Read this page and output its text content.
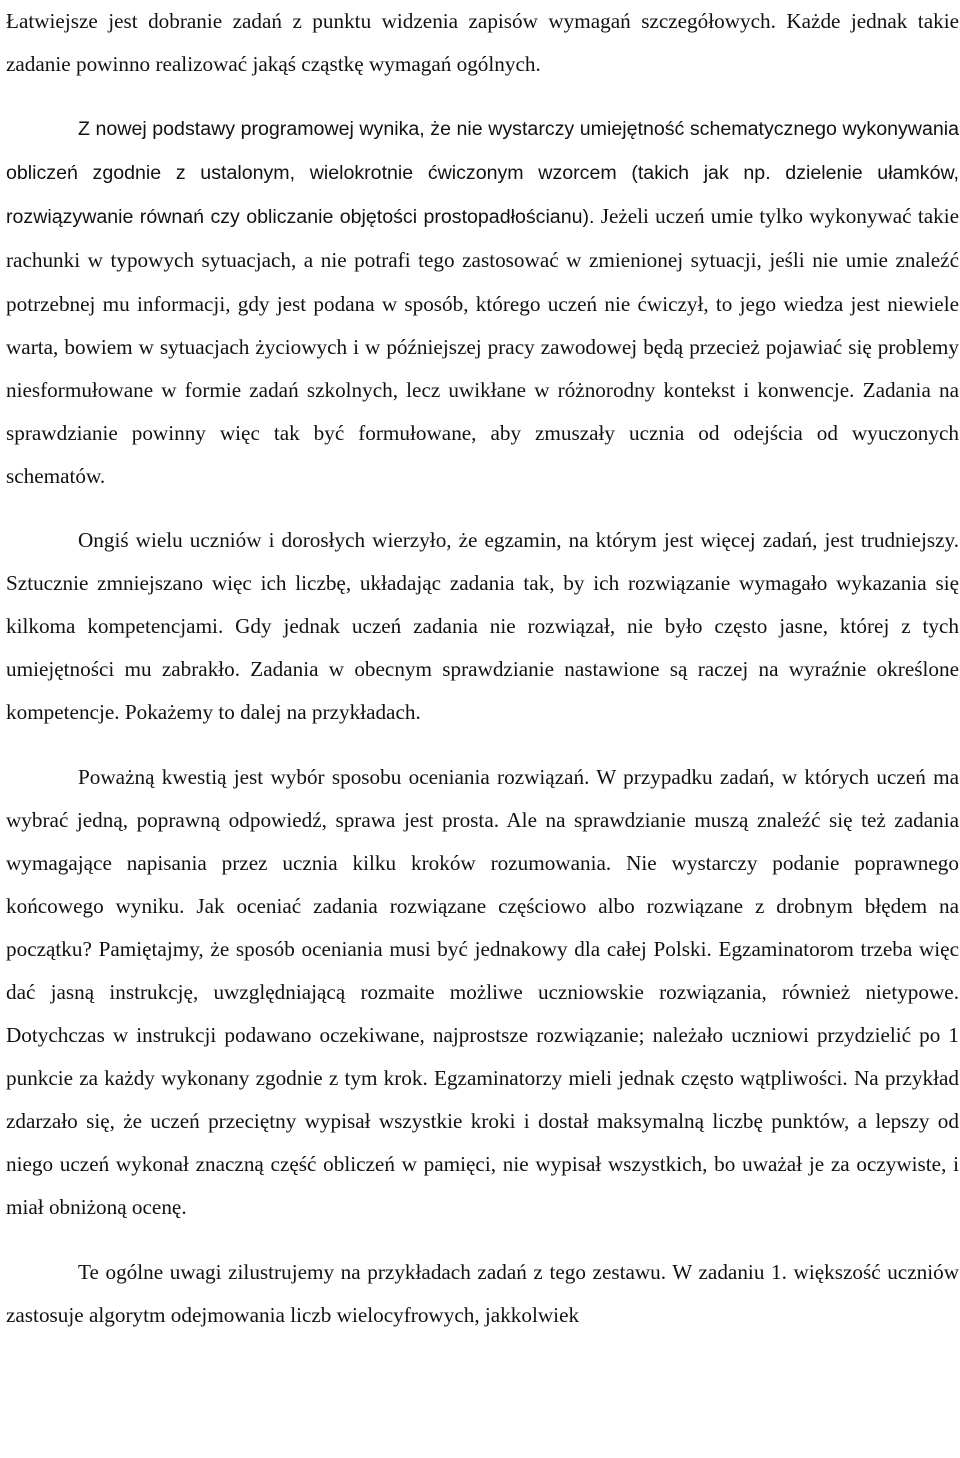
Łatwiejsze jest dobranie zadań z punktu widzenia zapisów wymagań szczegółowych. Każde jednak takie zadanie powinno realizować jakąś cząstkę wymagań ogólnych.

Z nowej podstawy programowej wynika, że nie wystarczy umiejętność schematycznego wykonywania obliczeń zgodnie z ustalonym, wielokrotnie ćwiczonym wzorcem (takich jak np. dzielenie ułamków, rozwiązywanie równań czy obliczanie objętości prostopadłościanu). Jeżeli uczeń umie tylko wykonywać takie rachunki w typowych sytuacjach, a nie potrafi tego zastosować w zmienionej sytuacji, jeśli nie umie znaleźć potrzebnej mu informacji, gdy jest podana w sposób, którego uczeń nie ćwiczył, to jego wiedza jest niewiele warta, bowiem w sytuacjach życiowych i w późniejszej pracy zawodowej będą przecież pojawiać się problemy niesformułowane w formie zadań szkolnych, lecz uwikłane w różnorodny kontekst i konwencje. Zadania na sprawdzianie powinny więc tak być formułowane, aby zmuszały ucznia od odejścia od wyuczonych schematów.

Ongiś wielu uczniów i dorosłych wierzyło, że egzamin, na którym jest więcej zadań, jest trudniejszy. Sztucznie zmniejszano więc ich liczbę, układając zadania tak, by ich rozwiązanie wymagało wykazania się kilkoma kompetencjami. Gdy jednak uczeń zadania nie rozwiązał, nie było często jasne, której z tych umiejętności mu zabrakło. Zadania w obecnym sprawdzianie nastawione są raczej na wyraźnie określone kompetencje. Pokażemy to dalej na przykładach.

Poważną kwestią jest wybór sposobu oceniania rozwiązań. W przypadku zadań, w których uczeń ma wybrać jedną, poprawną odpowiedź, sprawa jest prosta. Ale na sprawdzianie muszą znaleźć się też zadania wymagające napisania przez ucznia kilku kroków rozumowania. Nie wystarczy podanie poprawnego końcowego wyniku. Jak oceniać zadania rozwiązane częściowo albo rozwiązane z drobnym błędem na początku? Pamiętajmy, że sposób oceniania musi być jednakowy dla całej Polski. Egzaminatorom trzeba więc dać jasną instrukcję, uwzględniającą rozmaite możliwe uczniowskie rozwiązania, również nietypowe. Dotychczas w instrukcji podawano oczekiwane, najprostsze rozwiązanie; należało uczniowi przydzielić po 1 punkcie za każdy wykonany zgodnie z tym krok. Egzaminatorzy mieli jednak często wątpliwości. Na przykład zdarzało się, że uczeń przeciętny wypisał wszystkie kroki i dostał maksymalną liczbę punktów, a lepszy od niego uczeń wykonał znaczną część obliczeń w pamięci, nie wypisał wszystkich, bo uważał je za oczywiste, i miał obniżoną ocenę.

Te ogólne uwagi zilustrujemy na przykładach zadań z tego zestawu. W zadaniu 1. większość uczniów zastosuje algorytm odejmowania liczb wielocyfrowych, jakkolwiek
